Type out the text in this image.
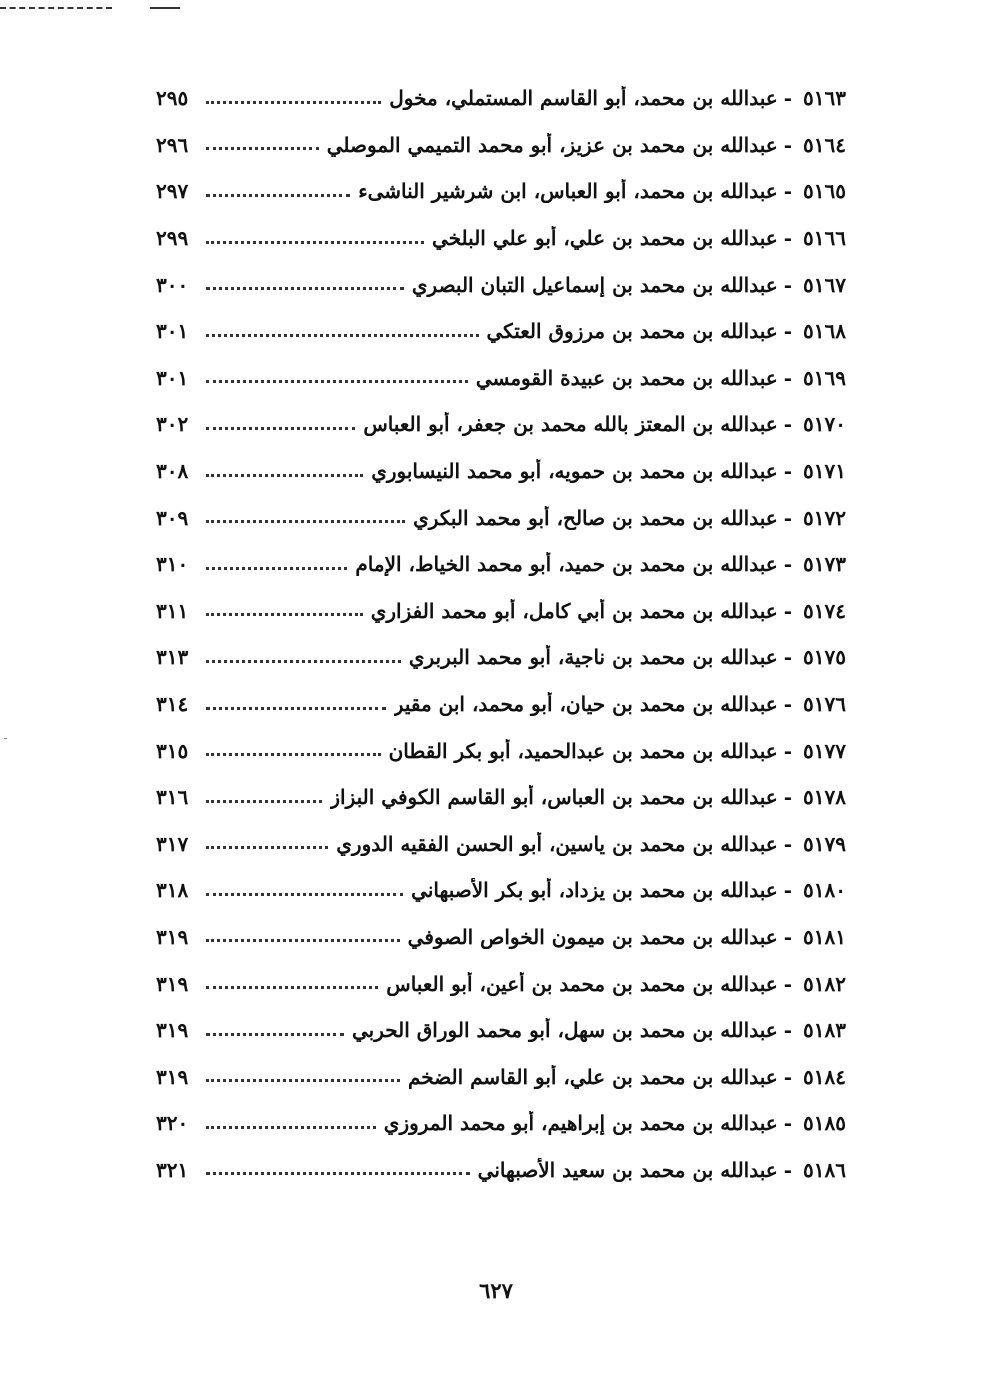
٥١٦٣
-
عبدالله بن محمد، أبو القاسم المستملي، مخول
٢٩٥
٥١٦٤
-
عبدالله بن محمد بن عزيز، أبو محمد التميمي الموصلي
٢٩٦
٥١٦٥
-
عبدالله بن محمد، أبو العباس، ابن شرشير الناشىء
٢٩٧
٥١٦٦
-
عبدالله بن محمد بن علي، أبو علي البلخي
٢٩٩
٥١٦٧
-
عبدالله بن محمد بن إسماعيل التبان البصري
٣٠٠
٥١٦٨
-
عبدالله بن محمد بن مرزوق العتكي
٣٠١
٥١٦٩
-
عبدالله بن محمد بن عبيدة القومسي
٣٠١
٥١٧٠
-
عبدالله بن المعتز بالله محمد بن جعفر، أبو العباس
٣٠٢
٥١٧١
-
عبدالله بن محمد بن حمويه، أبو محمد النيسابوري
٣٠٨
٥١٧٢
-
عبدالله بن محمد بن صالح، أبو محمد البكري
٣٠٩
٥١٧٣
-
عبدالله بن محمد بن حميد، أبو محمد الخياط، الإمام
٣١٠
٥١٧٤
-
عبدالله بن محمد بن أبي كامل، أبو محمد الفزاري
٣١١
٥١٧٥
-
عبدالله بن محمد بن ناجية، أبو محمد البربري
٣١٣
٥١٧٦
-
عبدالله بن محمد بن حيان، أبو محمد، ابن مقير
٣١٤
٥١٧٧
-
عبدالله بن محمد بن عبدالحميد، أبو بكر القطان
٣١٥
٥١٧٨
-
عبدالله بن محمد بن العباس، أبو القاسم الكوفي البزاز
٣١٦
٥١٧٩
-
عبدالله بن محمد بن ياسين، أبو الحسن الفقيه الدوري
٣١٧
٥١٨٠
-
عبدالله بن محمد بن يزداد، أبو بكر الأصبهاني
٣١٨
٥١٨١
-
عبدالله بن محمد بن ميمون الخواص الصوفي
٣١٩
٥١٨٢
-
عبدالله بن محمد بن محمد بن أعين، أبو العباس
٣١٩
٥١٨٣
-
عبدالله بن محمد بن سهل، أبو محمد الوراق الحربي
٣١٩
٥١٨٤
-
عبدالله بن محمد بن علي، أبو القاسم الضخم
٣١٩
٥١٨٥
-
عبدالله بن محمد بن إبراهيم، أبو محمد المروزي
٣٢٠
٥١٨٦
-
عبدالله بن محمد بن سعيد الأصبهاني
٣٢١
٦٢٧
